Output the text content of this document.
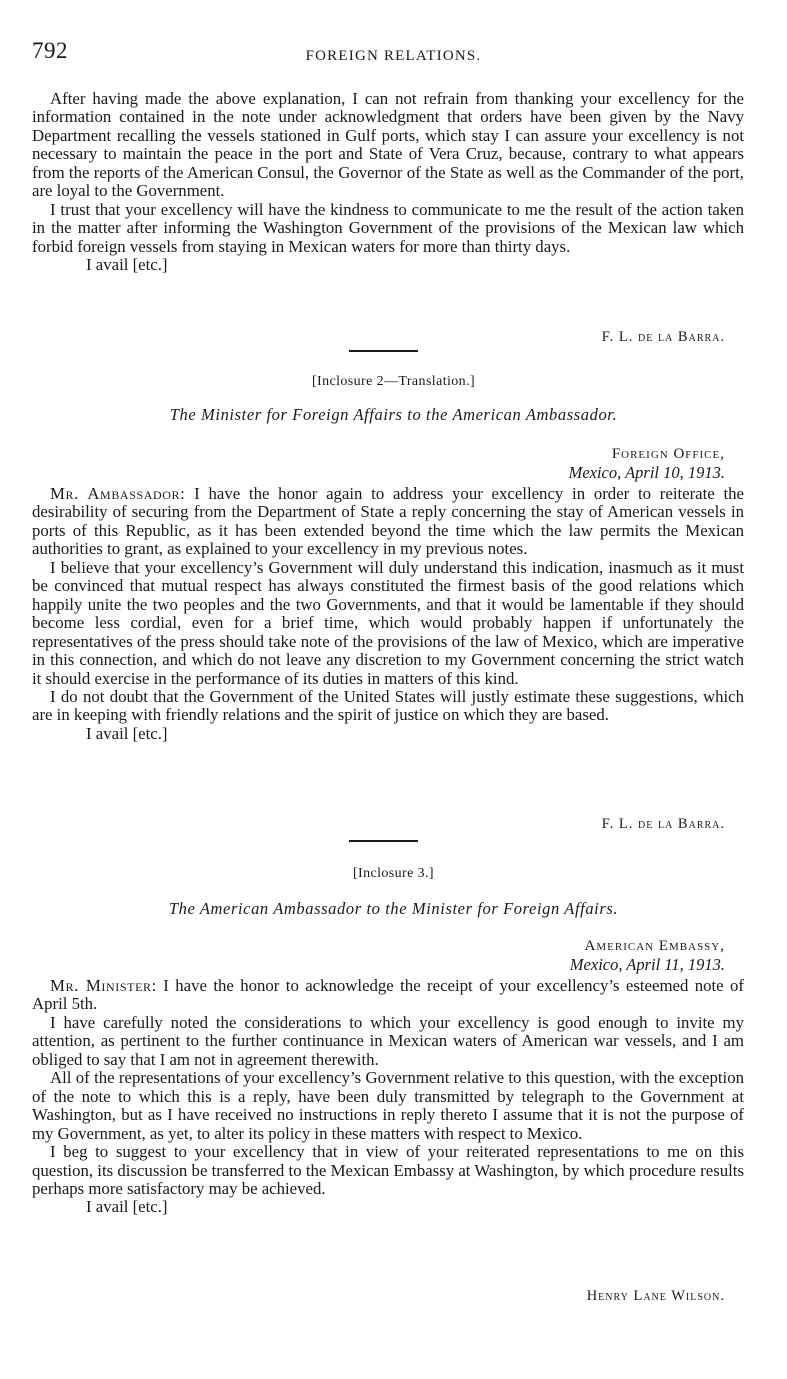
792	FOREIGN RELATIONS.

After having made the above explanation, I can not refrain from thanking your excellency for the information contained in the note under acknowledgment that orders have been given by the Navy Department recalling the vessels stationed in Gulf ports, which stay I can assure your excellency is not necessary to maintain the peace in the port and State of Vera Cruz, because, contrary to what appears from the reports of the American Consul, the Governor of the State as well as the Commander of the port, are loyal to the Government.

I trust that your excellency will have the kindness to communicate to me the result of the action taken in the matter after informing the Washington Government of the provisions of the Mexican law which forbid foreign vessels from staying in Mexican waters for more than thirty days.

I avail [etc.]

F. L. de la Barra.
[Inclosure 2—Translation.]
The Minister for Foreign Affairs to the American Ambassador.
Foreign Office,
Mexico, April 10, 1913.

Mr. Ambassador: I have the honor again to address your excellency in order to reiterate the desirability of securing from the Department of State a reply concerning the stay of American vessels in ports of this Republic, as it has been extended beyond the time which the law permits the Mexican authorities to grant, as explained to your excellency in my previous notes.

I believe that your excellency’s Government will duly understand this indication, inasmuch as it must be convinced that mutual respect has always constituted the firmest basis of the good relations which happily unite the two peoples and the two Governments, and that it would be lamentable if they should become less cordial, even for a brief time, which would probably happen if unfortunately the representatives of the press should take note of the provisions of the law of Mexico, which are imperative in this connection, and which do not leave any discretion to my Government concerning the strict watch it should exercise in the performance of its duties in matters of this kind.

I do not doubt that the Government of the United States will justly estimate these suggestions, which are in keeping with friendly relations and the spirit of justice on which they are based.

I avail [etc.]

F. L. de la Barra.
[Inclosure 3.]
The American Ambassador to the Minister for Foreign Affairs.
American Embassy,
Mexico, April 11, 1913.

Mr. Minister: I have the honor to acknowledge the receipt of your excellency’s esteemed note of April 5th.

I have carefully noted the considerations to which your excellency is good enough to invite my attention, as pertinent to the further continuance in Mexican waters of American war vessels, and I am obliged to say that I am not in agreement therewith.

All of the representations of your excellency’s Government relative to this question, with the exception of the note to which this is a reply, have been duly transmitted by telegraph to the Government at Washington, but as I have received no instructions in reply thereto I assume that it is not the purpose of my Government, as yet, to alter its policy in these matters with respect to Mexico.

I beg to suggest to your excellency that in view of your reiterated representations to me on this question, its discussion be transferred to the Mexican Embassy at Washington, by which procedure results perhaps more satisfactory may be achieved.

I avail [etc.]

Henry Lane Wilson.
